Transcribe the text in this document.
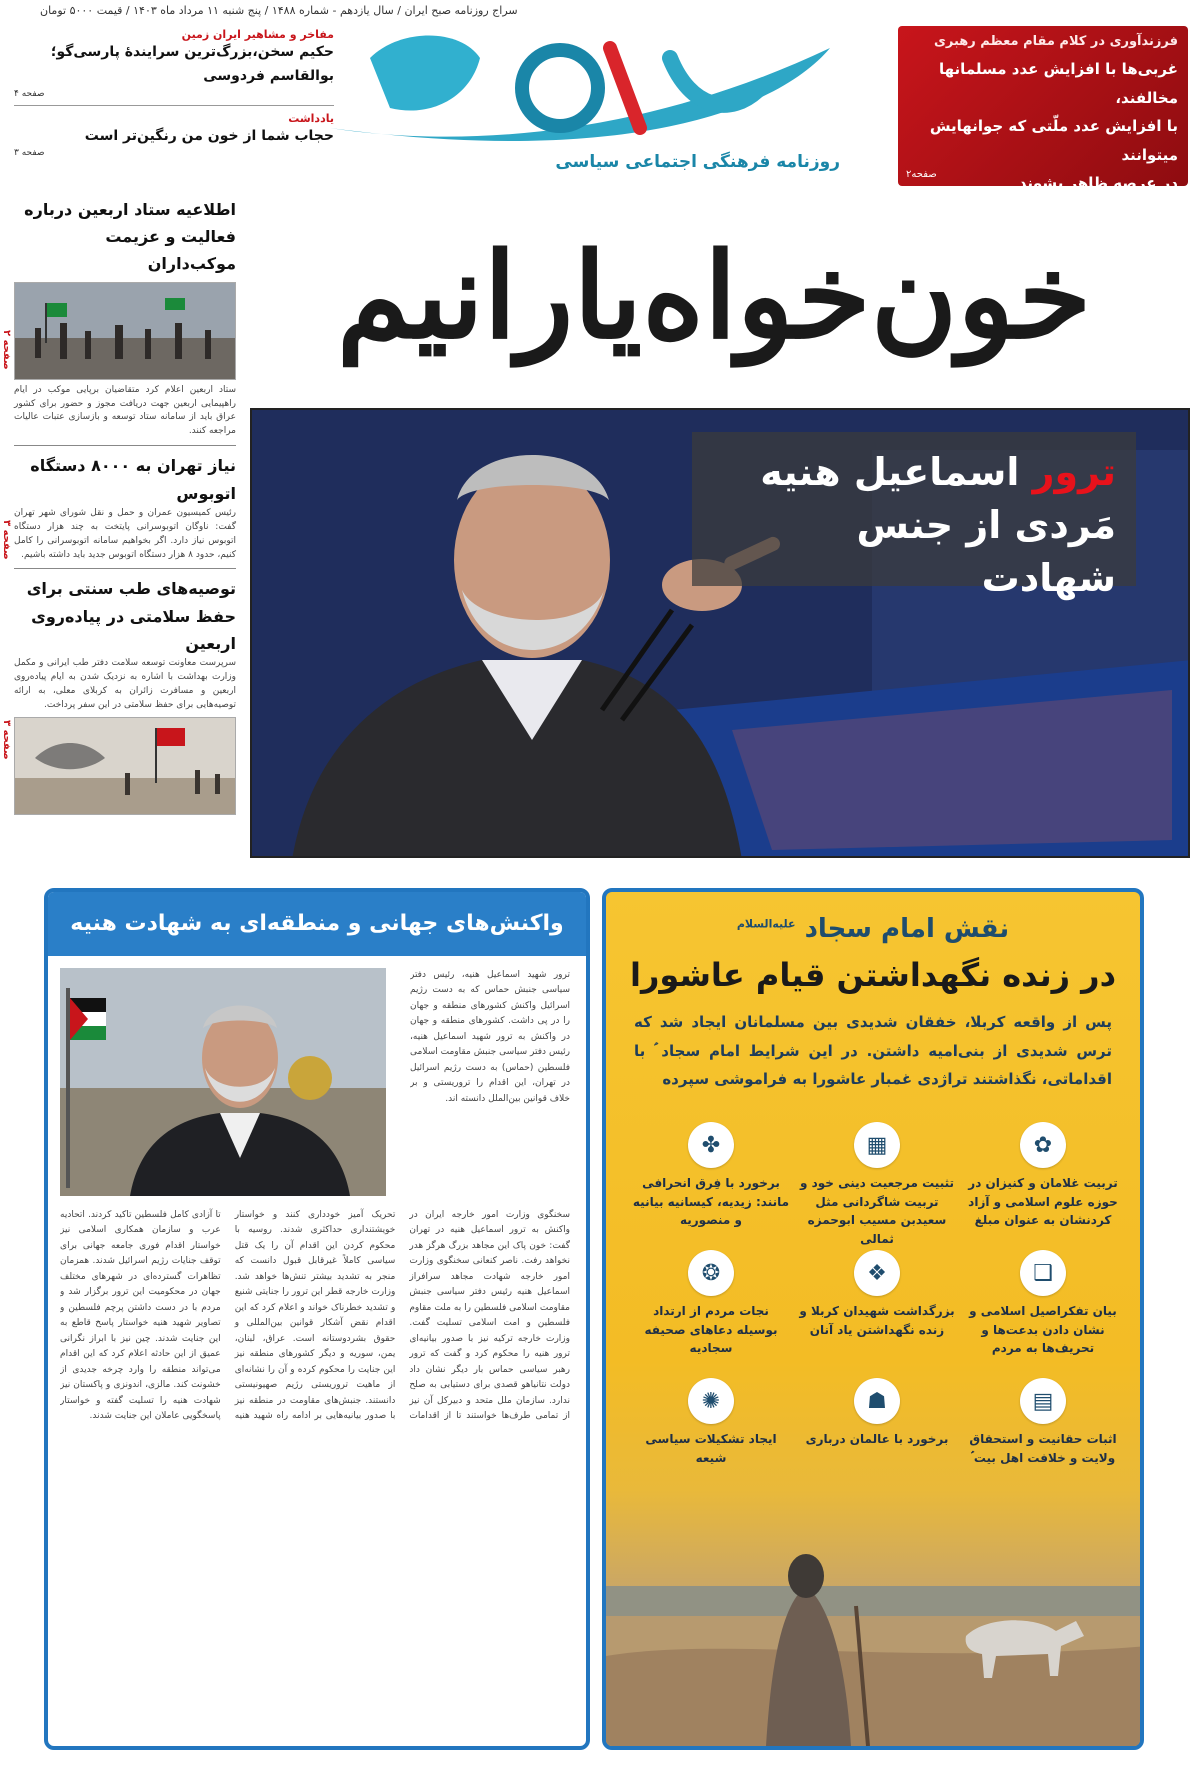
سراج روزنامه صبح ایران / سال یازدهم - شماره ۱۴۸۸ / پنج شنبه ۱۱ مرداد ماه ۱۴۰۳ / قیمت ۵۰۰۰ تومان
فرزندآوری در کلام مقام معظم رهبری
غربی‌ها با افزایش عدد مسلمانها مخالفند،
با افزایش عدد ملّتی که جوانهایش میتوانند
در عرصه ظاهر بشوند
صفحه۲
روزنامه فرهنگی اجتماعی سیاسی
مفاخر و مشاهیر ایران زمین
حکیم سخن،بزرگ‌ترین سرایندۀ پارسی‌گو؛
بوالقاسم فردوسی
صفحه ۴
یادداشت
حجاب شما از خون من رنگین‌تر است
صفحه ۳
خون‌خواه‌یارانیم
ترور اسماعیل هنیه
مَردی از جنس شهادت
اطلاعیه ستاد اربعین درباره فعالیت و عزیمت موکب‌داران
ستاد اربعین اعلام کرد متقاضیان برپایی موکب در ایام راهپیمایی اربعین جهت دریافت مجوز و حضور برای کشور عراق باید از سامانه ستاد توسعه و بازسازی عتبات عالیات مراجعه کنند.
نیاز تهران به ۸۰۰۰ دستگاه اتوبوس
رئیس کمیسیون عمران و حمل و نقل شورای شهر تهران گفت: ناوگان اتوبوسرانی پایتخت به چند هزار دستگاه اتوبوس نیاز دارد. اگر بخواهیم سامانه اتوبوسرانی را کامل کنیم، حدود ۸ هزار دستگاه اتوبوس جدید باید داشته باشیم.
توصیه‌های طب سنتی برای حفظ سلامتی در پیاده‌روی اربعین
سرپرست معاونت توسعه سلامت دفتر طب ایرانی و مکمل وزارت بهداشت با اشاره به نزدیک شدن به ایام پیاده‌روی اربعین و مسافرت زائران به کربلای معلی، به ارائه توصیه‌هایی برای حفظ سلامتی در این سفر پرداخت.
صفحه ۲
صفحه ۳
صفحه ۳
واکنش‌های جهانی و منطقه‌ای به شهادت هنیه
ترور شهید اسماعیل هنیه، رئیس دفتر سیاسی جنبش حماس که به دست رژیم اسرائیل واکنش کشورهای منطقه و جهان را در پی داشت. کشورهای منطقه و جهان در واکنش به ترور شهید اسماعیل هنیه، رئیس دفتر سیاسی جنبش مقاومت اسلامی فلسطین (حماس) به دست رژیم اسرائیل در تهران، این اقدام را تروریستی و بر خلاف قوانین بین‌الملل دانسته اند.
سخنگوی وزارت امور خارجه ایران در واکنش به ترور اسماعیل هنیه در تهران گفت: خون پاک این مجاهد بزرگ هرگز هدر نخواهد رفت. ناصر کنعانی سخنگوی وزارت امور خارجه شهادت مجاهد سرافراز اسماعیل هنیه رئیس دفتر سیاسی جنبش مقاومت اسلامی فلسطین را به ملت مقاوم فلسطین و امت اسلامی تسلیت گفت. وزارت خارجه ترکیه نیز با صدور بیانیه‌ای ترور هنیه را محکوم کرد و گفت که ترور رهبر سیاسی حماس بار دیگر نشان داد دولت نتانیاهو قصدی برای دستیابی به صلح ندارد. سازمان ملل متحد و دبیرکل آن نیز از تمامی طرف‌ها خواستند تا از اقدامات تحریک آمیز خودداری کنند و خواستار خویشتنداری حداکثری شدند. روسیه با محکوم کردن این اقدام آن را یک قتل سیاسی کاملاً غیرقابل قبول دانست که منجر به تشدید بیشتر تنش‌ها خواهد شد. وزارت خارجه قطر این ترور را جنایتی شنیع و تشدید خطرناک خواند و اعلام کرد که این اقدام نقض آشکار قوانین بین‌المللی و حقوق بشردوستانه است. عراق، لبنان، یمن، سوریه و دیگر کشورهای منطقه نیز این جنایت را محکوم کرده و آن را نشانه‌ای از ماهیت تروریستی رژیم صهیونیستی دانستند. جنبش‌های مقاومت در منطقه نیز با صدور بیانیه‌هایی بر ادامه راه شهید هنیه تا آزادی کامل فلسطین تاکید کردند. اتحادیه عرب و سازمان همکاری اسلامی نیز خواستار اقدام فوری جامعه جهانی برای توقف جنایات رژیم اسرائیل شدند. همزمان تظاهرات گسترده‌ای در شهرهای مختلف جهان در محکومیت این ترور برگزار شد و مردم با در دست داشتن پرچم فلسطین و تصاویر شهید هنیه خواستار پاسخ قاطع به این جنایت شدند. چین نیز با ابراز نگرانی عمیق از این حادثه اعلام کرد که این اقدام می‌تواند منطقه را وارد چرخه جدیدی از خشونت کند. مالزی، اندونزی و پاکستان نیز شهادت هنیه را تسلیت گفته و خواستار پاسخگویی عاملان این جنایت شدند.
نقش امام سجاد $^{علیه‌السلام}$
در زنده نگهداشتن قیام عاشورا
پس از واقعه کربلا، خفقان شدیدی بین مسلمانان ایجاد شد که ترس شدیدی از بنی‌امیه داشتن. در این شرایط امام سجاد ؑ با اقداماتی، نگذاشتند تراژدی غمبار عاشورا به فراموشی سپرده
✿
تربیت غلامان و کنیزان در حوزه علوم اسلامی و آزاد کردنشان به عنوان مبلغ
▦
تثبیت مرجعیت دینی خود و تربیت شاگردانی مثل سعیدبن مسیب ابوحمزه ثمالی
✤
برخورد با فِرق انحرافی مانند: زیدیه، کیسانیه بیانیه و منصوریه
❑
بیان تفکراصیل اسلامی و نشان دادن بدعت‌ها و تحریف‌ها به مردم
❖
بزرگداشت شهیدان کربلا و زنده نگهداشتن یاد آنان
❂
نجات مردم از ارتداد بوسیله دعاهای صحیفه سجادیه
▤
اثبات حقانیت و استحقاق ولایت و خلافت اهل بیت ؑ
☗
برخورد با عالمان درباری
✺
ایجاد تشکیلات سیاسی شیعه
